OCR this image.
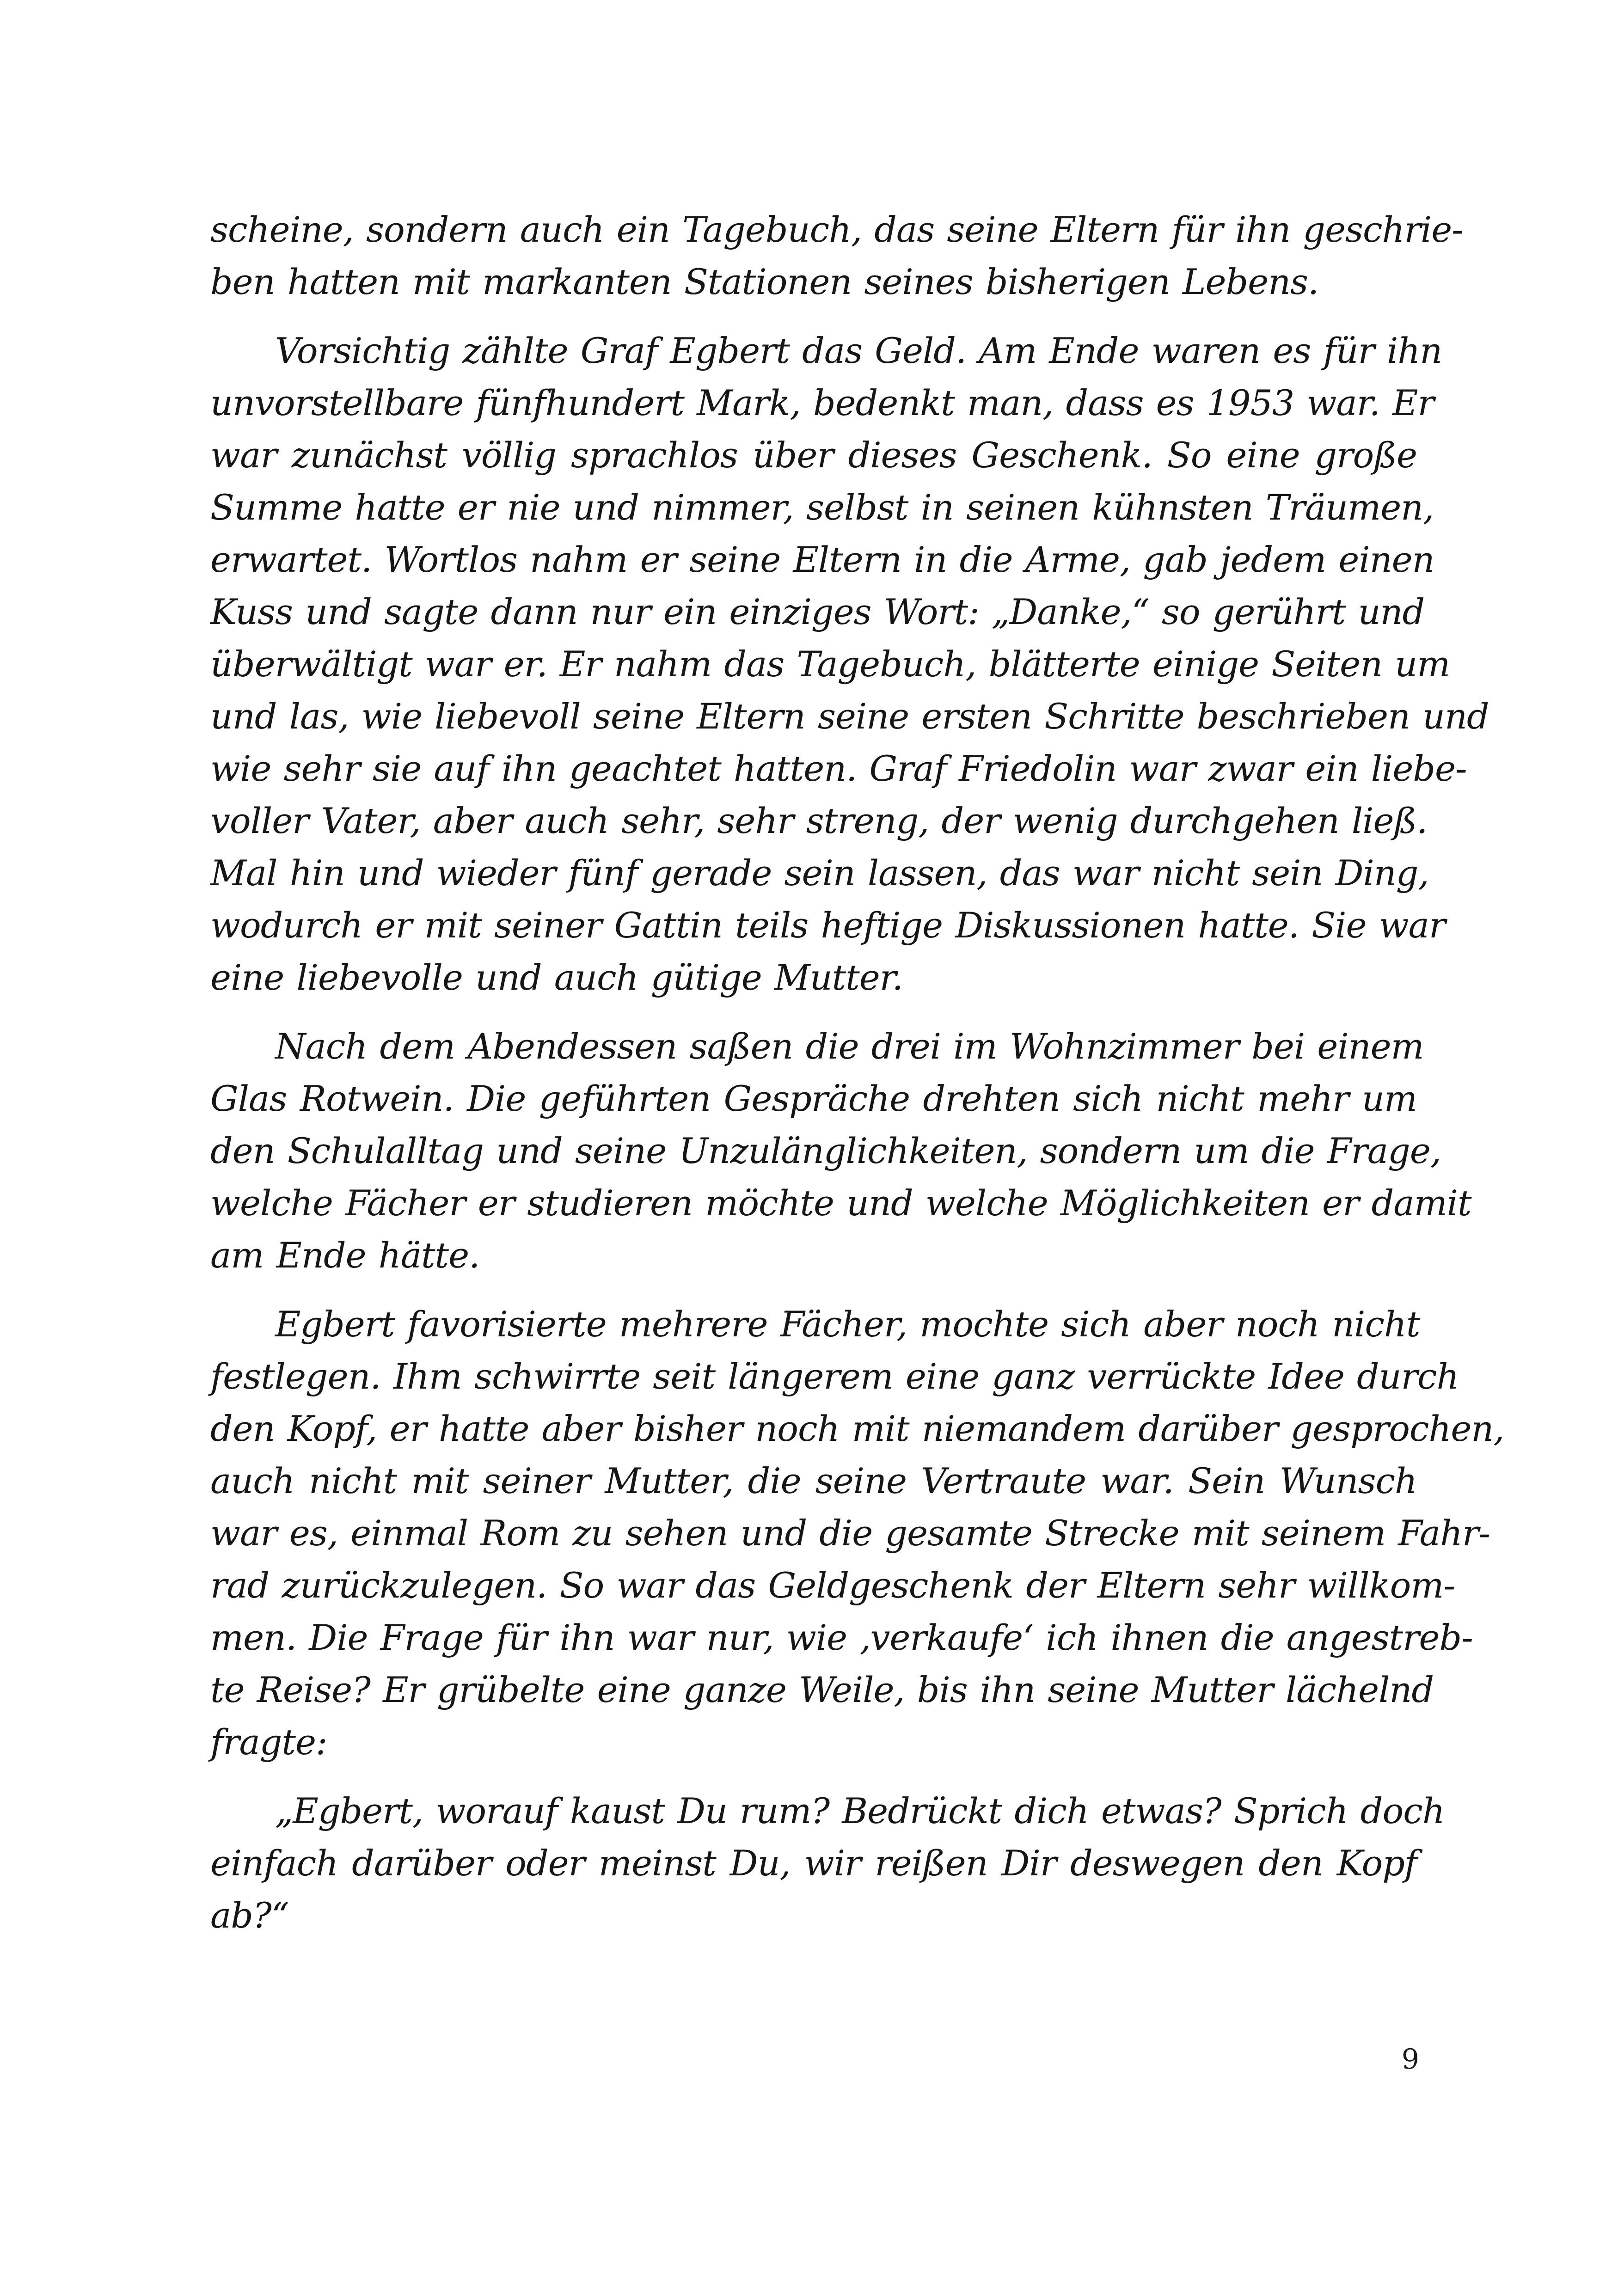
scheine, sondern auch ein Tagebuch, das seine Eltern für ihn geschrie-
ben hatten mit markanten Stationen seines bisherigen Lebens.

Vorsichtig zählte Graf Egbert das Geld. Am Ende waren es für ihn
unvorstellbare fünfhundert Mark, bedenkt man, dass es 1953 war. Er
war zunächst völlig sprachlos über dieses Geschenk. So eine große
Summe hatte er nie und nimmer, selbst in seinen kühnsten Träumen,
erwartet. Wortlos nahm er seine Eltern in die Arme, gab jedem einen
Kuss und sagte dann nur ein einziges Wort: „Danke,“ so gerührt und
überwältigt war er. Er nahm das Tagebuch, blätterte einige Seiten um
und las, wie liebevoll seine Eltern seine ersten Schritte beschrieben und
wie sehr sie auf ihn geachtet hatten. Graf Friedolin war zwar ein liebe-
voller Vater, aber auch sehr, sehr streng, der wenig durchgehen ließ.
Mal hin und wieder fünf gerade sein lassen, das war nicht sein Ding,
wodurch er mit seiner Gattin teils heftige Diskussionen hatte. Sie war
eine liebevolle und auch gütige Mutter.

Nach dem Abendessen saßen die drei im Wohnzimmer bei einem
Glas Rotwein. Die geführten Gespräche drehten sich nicht mehr um
den Schulalltag und seine Unzulänglichkeiten, sondern um die Frage,
welche Fächer er studieren möchte und welche Möglichkeiten er damit
am Ende hätte.

Egbert favorisierte mehrere Fächer, mochte sich aber noch nicht
festlegen. Ihm schwirrte seit längerem eine ganz verrückte Idee durch
den Kopf, er hatte aber bisher noch mit niemandem darüber gesprochen,
auch nicht mit seiner Mutter, die seine Vertraute war. Sein Wunsch
war es, einmal Rom zu sehen und die gesamte Strecke mit seinem Fahr-
rad zurückzulegen. So war das Geldgeschenk der Eltern sehr willkom-
men. Die Frage für ihn war nur, wie ‚verkaufe‘ ich ihnen die angestreb-
te Reise? Er grübelte eine ganze Weile, bis ihn seine Mutter lächelnd
fragte:

„Egbert, worauf kaust Du rum? Bedrückt dich etwas? Sprich doch
einfach darüber oder meinst Du, wir reißen Dir deswegen den Kopf
ab?“

9
